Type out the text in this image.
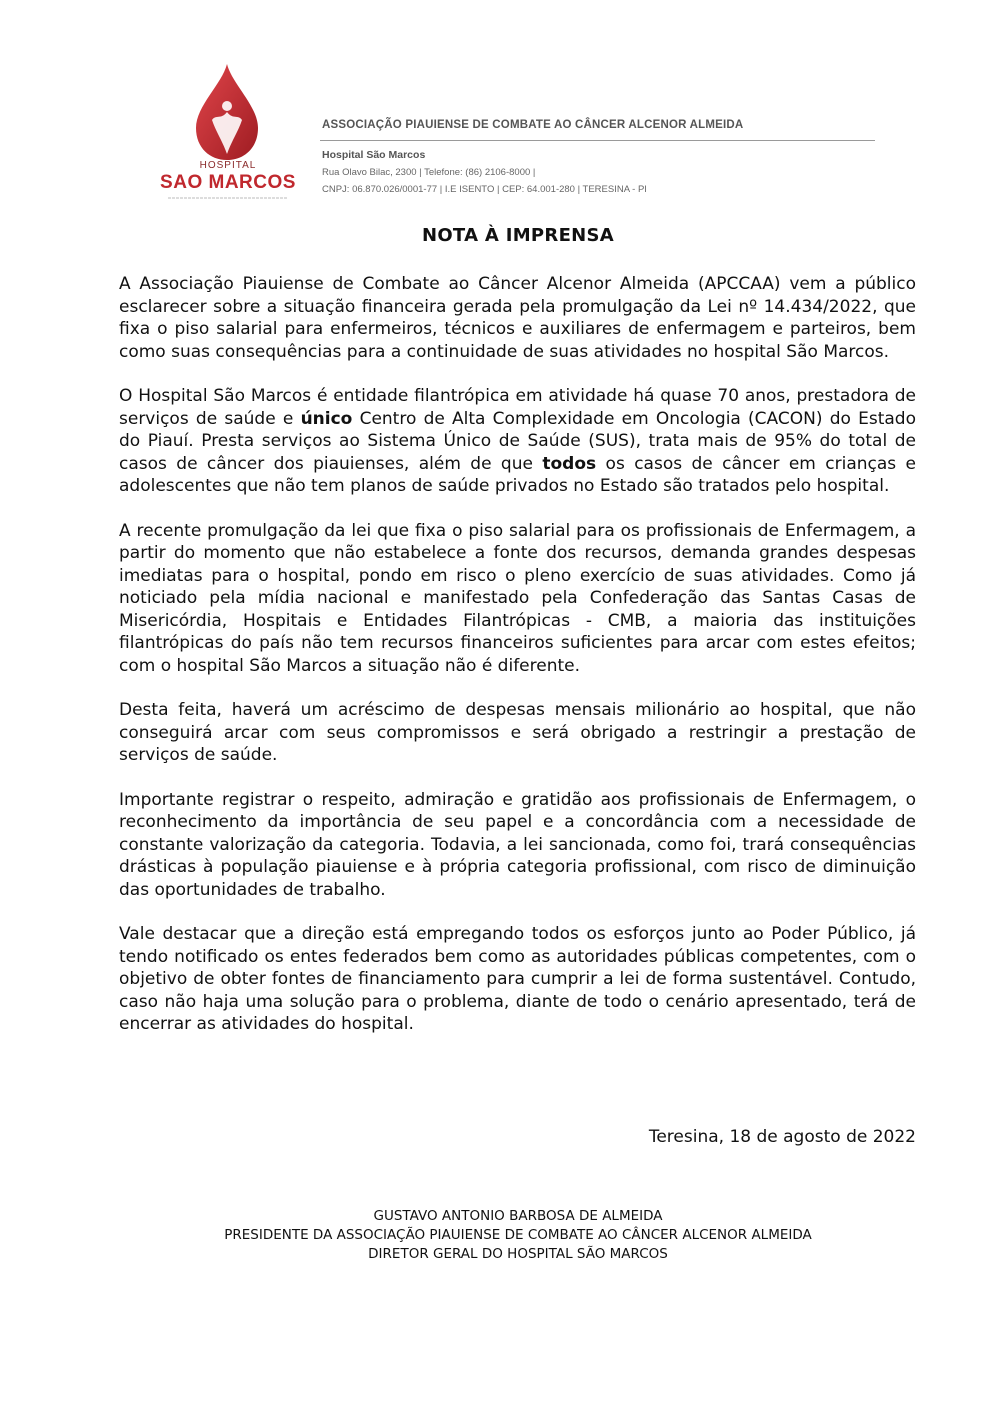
HOSPITAL
SAO MARCOS
ASSOCIAÇÃO PIAUIENSE DE COMBATE AO CÂNCER ALCENOR ALMEIDA
Hospital São Marcos
Rua Olavo Bilac, 2300 | Telefone: (86) 2106-8000 |
CNPJ: 06.870.026/0001-77 | I.E ISENTO | CEP: 64.001-280 | TERESINA - PI
NOTA À IMPRENSA

A Associação Piauiense de Combate ao Câncer Alcenor Almeida (APCCAA) vem a público esclarecer sobre a situação financeira gerada pela promulgação da Lei nº 14.434/2022, que fixa o piso salarial para enfermeiros, técnicos e auxiliares de enfermagem e parteiros, bem como suas consequências para a continuidade de suas atividades no hospital São Marcos.

O Hospital São Marcos é entidade filantrópica em atividade há quase 70 anos, prestadora de serviços de saúde e único Centro de Alta Complexidade em Oncologia (CACON) do Estado do Piauí. Presta serviços ao Sistema Único de Saúde (SUS), trata mais de 95% do total de casos de câncer dos piauienses, além de que todos os casos de câncer em crianças e adolescentes que não tem planos de saúde privados no Estado são tratados pelo hospital.

A recente promulgação da lei que fixa o piso salarial para os profissionais de Enfermagem, a partir do momento que não estabelece a fonte dos recursos, demanda grandes despesas imediatas para o hospital, pondo em risco o pleno exercício de suas atividades. Como já noticiado pela mídia nacional e manifestado pela Confederação das Santas Casas de Misericórdia, Hospitais e Entidades Filantrópicas - CMB, a maioria das instituições filantrópicas do país não tem recursos financeiros suficientes para arcar com estes efeitos; com o hospital São Marcos a situação não é diferente.

Desta feita, haverá um acréscimo de despesas mensais milionário ao hospital, que não conseguirá arcar com seus compromissos e será obrigado a restringir a prestação de serviços de saúde.

Importante registrar o respeito, admiração e gratidão aos profissionais de Enfermagem, o reconhecimento da importância de seu papel e a concordância com a necessidade de constante valorização da categoria. Todavia, a lei sancionada, como foi, trará consequências drásticas à população piauiense e à própria categoria profissional, com risco de diminuição das oportunidades de trabalho.

Vale destacar que a direção está empregando todos os esforços junto ao Poder Público, já tendo notificado os entes federados bem como as autoridades públicas competentes, com o objetivo de obter fontes de financiamento para cumprir a lei de forma sustentável. Contudo, caso não haja uma solução para o problema, diante de todo o cenário apresentado, terá de encerrar as atividades do hospital.

Teresina, 18 de agosto de 2022
GUSTAVO ANTONIO BARBOSA DE ALMEIDA
PRESIDENTE DA ASSOCIAÇÃO PIAUIENSE DE COMBATE AO CÂNCER ALCENOR ALMEIDA
DIRETOR GERAL DO HOSPITAL SÃO MARCOS
